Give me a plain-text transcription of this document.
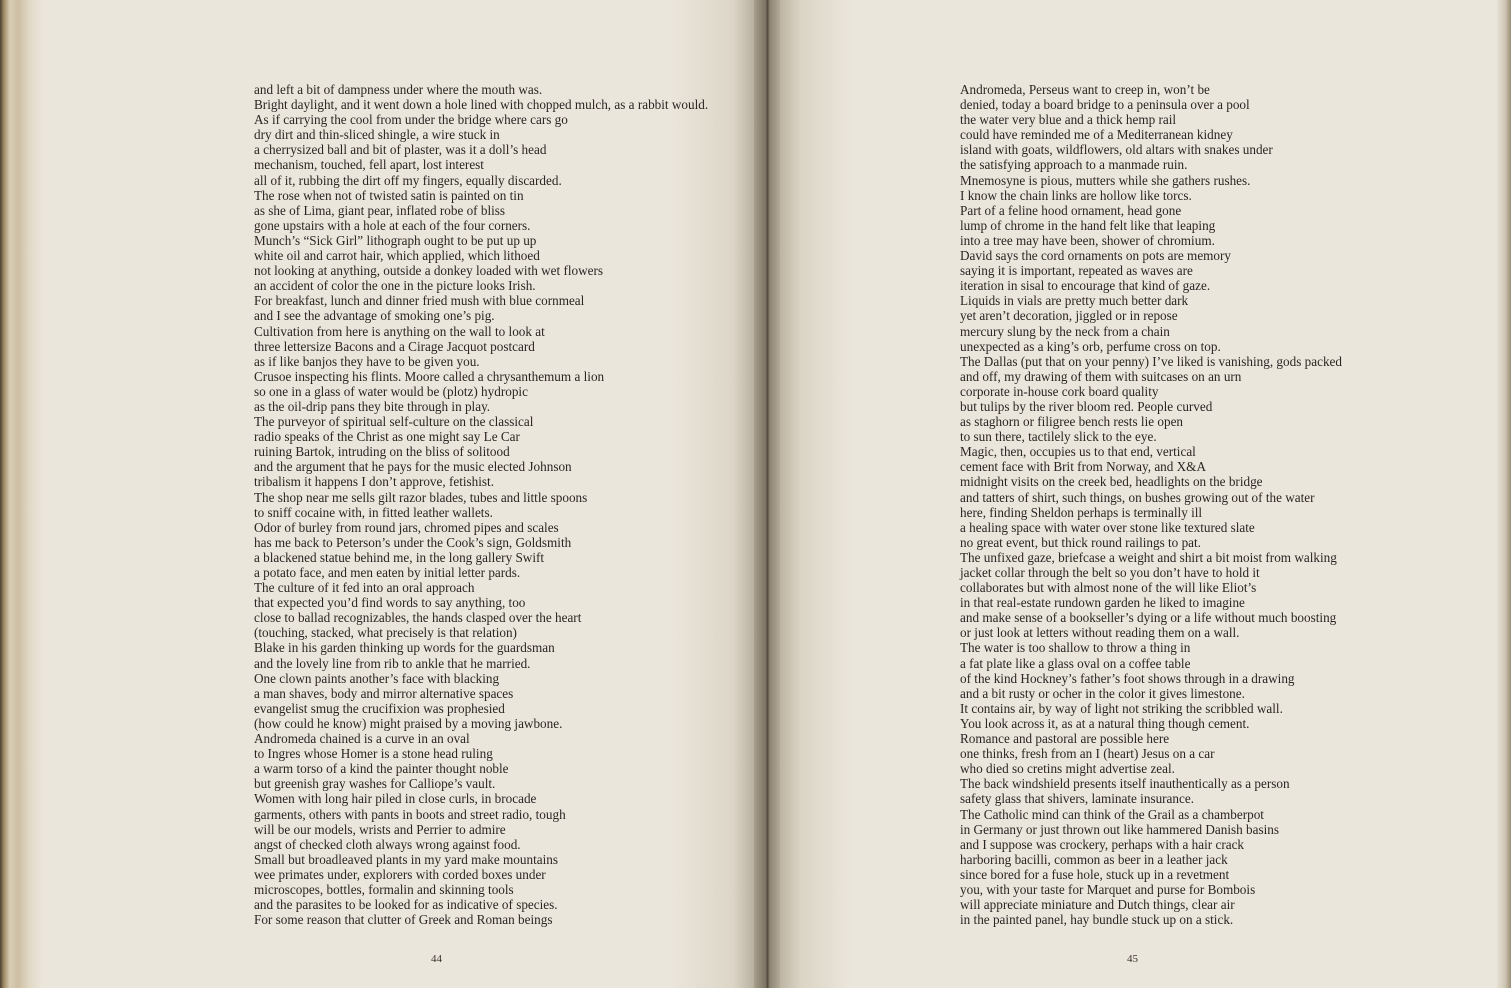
and left a bit of dampness under where the mouth was.
Bright daylight, and it went down a hole lined with chopped mulch, as a rabbit would.
As if carrying the cool from under the bridge where cars go
dry dirt and thin-sliced shingle, a wire stuck in
a cherrysized ball and bit of plaster, was it a doll’s head
mechanism, touched, fell apart, lost interest
all of it, rubbing the dirt off my fingers, equally discarded.
The rose when not of twisted satin is painted on tin
as she of Lima, giant pear, inflated robe of bliss
gone upstairs with a hole at each of the four corners.
Munch’s “Sick Girl” lithograph ought to be put up up
white oil and carrot hair, which applied, which lithoed
not looking at anything, outside a donkey loaded with wet flowers
an accident of color the one in the picture looks Irish.
For breakfast, lunch and dinner fried mush with blue cornmeal
and I see the advantage of smoking one’s pig.
Cultivation from here is anything on the wall to look at
three lettersize Bacons and a Cirage Jacquot postcard
as if like banjos they have to be given you.
Crusoe inspecting his flints. Moore called a chrysanthemum a lion
so one in a glass of water would be (plotz) hydropic
as the oil-drip pans they bite through in play.
The purveyor of spiritual self-culture on the classical
radio speaks of the Christ as one might say Le Car
ruining Bartok, intruding on the bliss of solitood
and the argument that he pays for the music elected Johnson
tribalism it happens I don’t approve, fetishist.
The shop near me sells gilt razor blades, tubes and little spoons
to sniff cocaine with, in fitted leather wallets.
Odor of burley from round jars, chromed pipes and scales
has me back to Peterson’s under the Cook’s sign, Goldsmith
a blackened statue behind me, in the long gallery Swift
a potato face, and men eaten by initial letter pards.
The culture of it fed into an oral approach
that expected you’d find words to say anything, too
close to ballad recognizables, the hands clasped over the heart
(touching, stacked, what precisely is that relation)
Blake in his garden thinking up words for the guardsman
and the lovely line from rib to ankle that he married.
One clown paints another’s face with blacking
a man shaves, body and mirror alternative spaces
evangelist smug the crucifixion was prophesied
(how could he know) might praised by a moving jawbone.
Andromeda chained is a curve in an oval
to Ingres whose Homer is a stone head ruling
a warm torso of a kind the painter thought noble
but greenish gray washes for Calliope’s vault.
Women with long hair piled in close curls, in brocade
garments, others with pants in boots and street radio, tough
will be our models, wrists and Perrier to admire
angst of checked cloth always wrong against food.
Small but broadleaved plants in my yard make mountains
wee primates under, explorers with corded boxes under
microscopes, bottles, formalin and skinning tools
and the parasites to be looked for as indicative of species.
For some reason that clutter of Greek and Roman beings
Andromeda, Perseus want to creep in, won’t be
denied, today a board bridge to a peninsula over a pool
the water very blue and a thick hemp rail
could have reminded me of a Mediterranean kidney
island with goats, wildflowers, old altars with snakes under
the satisfying approach to a manmade ruin.
Mnemosyne is pious, mutters while she gathers rushes.
I know the chain links are hollow like torcs.
Part of a feline hood ornament, head gone
lump of chrome in the hand felt like that leaping
into a tree may have been, shower of chromium.
David says the cord ornaments on pots are memory
saying it is important, repeated as waves are
iteration in sisal to encourage that kind of gaze.
Liquids in vials are pretty much better dark
yet aren’t decoration, jiggled or in repose
mercury slung by the neck from a chain
unexpected as a king’s orb, perfume cross on top.
The Dallas (put that on your penny) I’ve liked is vanishing, gods packed
and off, my drawing of them with suitcases on an urn
corporate in-house cork board quality
but tulips by the river bloom red. People curved
as staghorn or filigree bench rests lie open
to sun there, tactilely slick to the eye.
Magic, then, occupies us to that end, vertical
cement face with Brit from Norway, and X&A
midnight visits on the creek bed, headlights on the bridge
and tatters of shirt, such things, on bushes growing out of the water
here, finding Sheldon perhaps is terminally ill
a healing space with water over stone like textured slate
no great event, but thick round railings to pat.
The unfixed gaze, briefcase a weight and shirt a bit moist from walking
jacket collar through the belt so you don’t have to hold it
collaborates but with almost none of the will like Eliot’s
in that real-estate rundown garden he liked to imagine
and make sense of a bookseller’s dying or a life without much boosting
or just look at letters without reading them on a wall.
The water is too shallow to throw a thing in
a fat plate like a glass oval on a coffee table
of the kind Hockney’s father’s foot shows through in a drawing
and a bit rusty or ocher in the color it gives limestone.
It contains air, by way of light not striking the scribbled wall.
You look across it, as at a natural thing though cement.
Romance and pastoral are possible here
one thinks, fresh from an I (heart) Jesus on a car
who died so cretins might advertise zeal.
The back windshield presents itself inauthentically as a person
safety glass that shivers, laminate insurance.
The Catholic mind can think of the Grail as a chamberpot
in Germany or just thrown out like hammered Danish basins
and I suppose was crockery, perhaps with a hair crack
harboring bacilli, common as beer in a leather jack
since bored for a fuse hole, stuck up in a revetment
you, with your taste for Marquet and purse for Bombois
will appreciate miniature and Dutch things, clear air
in the painted panel, hay bundle stuck up on a stick.
44	45
